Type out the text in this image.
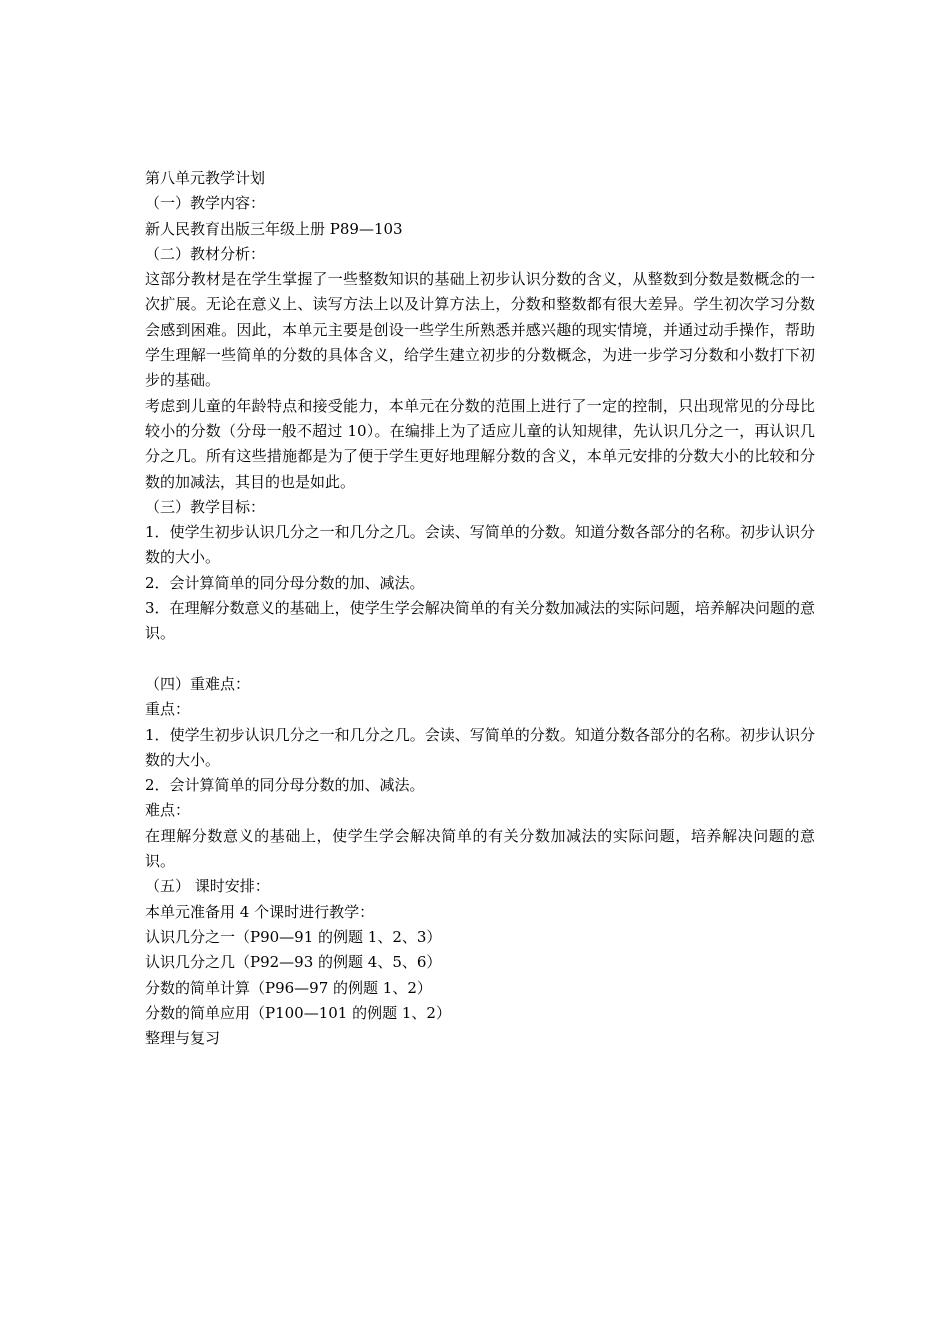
第八单元教学计划

（一）教学内容：

新人民教育出版三年级上册 P89—103

（二）教材分析：

这部分教材是在学生掌握了一些整数知识的基础上初步认识分数的含义，从整数到分数是数概念的一次扩展。无论在意义上、读写方法上以及计算方法上，分数和整数都有很大差异。学生初次学习分数会感到困难。因此，本单元主要是创设一些学生所熟悉并感兴趣的现实情境，并通过动手操作，帮助学生理解一些简单的分数的具体含义，给学生建立初步的分数概念，为进一步学习分数和小数打下初步的基础。

考虑到儿童的年龄特点和接受能力，本单元在分数的范围上进行了一定的控制，只出现常见的分母比较小的分数（分母一般不超过 10）。在编排上为了适应儿童的认知规律，先认识几分之一，再认识几分之几。所有这些措施都是为了便于学生更好地理解分数的含义，本单元安排的分数大小的比较和分数的加减法，其目的也是如此。

（三）教学目标：

1．使学生初步认识几分之一和几分之几。会读、写简单的分数。知道分数各部分的名称。初步认识分数的大小。

2．会计算简单的同分母分数的加、减法。

3．在理解分数意义的基础上，使学生学会解决简单的有关分数加减法的实际问题，培养解决问题的意识。

（四）重难点：

重点：

1．使学生初步认识几分之一和几分之几。会读、写简单的分数。知道分数各部分的名称。初步认识分数的大小。

2．会计算简单的同分母分数的加、减法。

难点：

在理解分数意义的基础上，使学生学会解决简单的有关分数加减法的实际问题，培养解决问题的意识。

（五） 课时安排：

本单元准备用 4 个课时进行教学：

认识几分之一（P90—91 的例题 1、2、3）

认识几分之几（P92—93 的例题 4、5、6）

分数的简单计算（P96—97 的例题 1、2）

分数的简单应用（P100—101 的例题 1、2）

整理与复习
